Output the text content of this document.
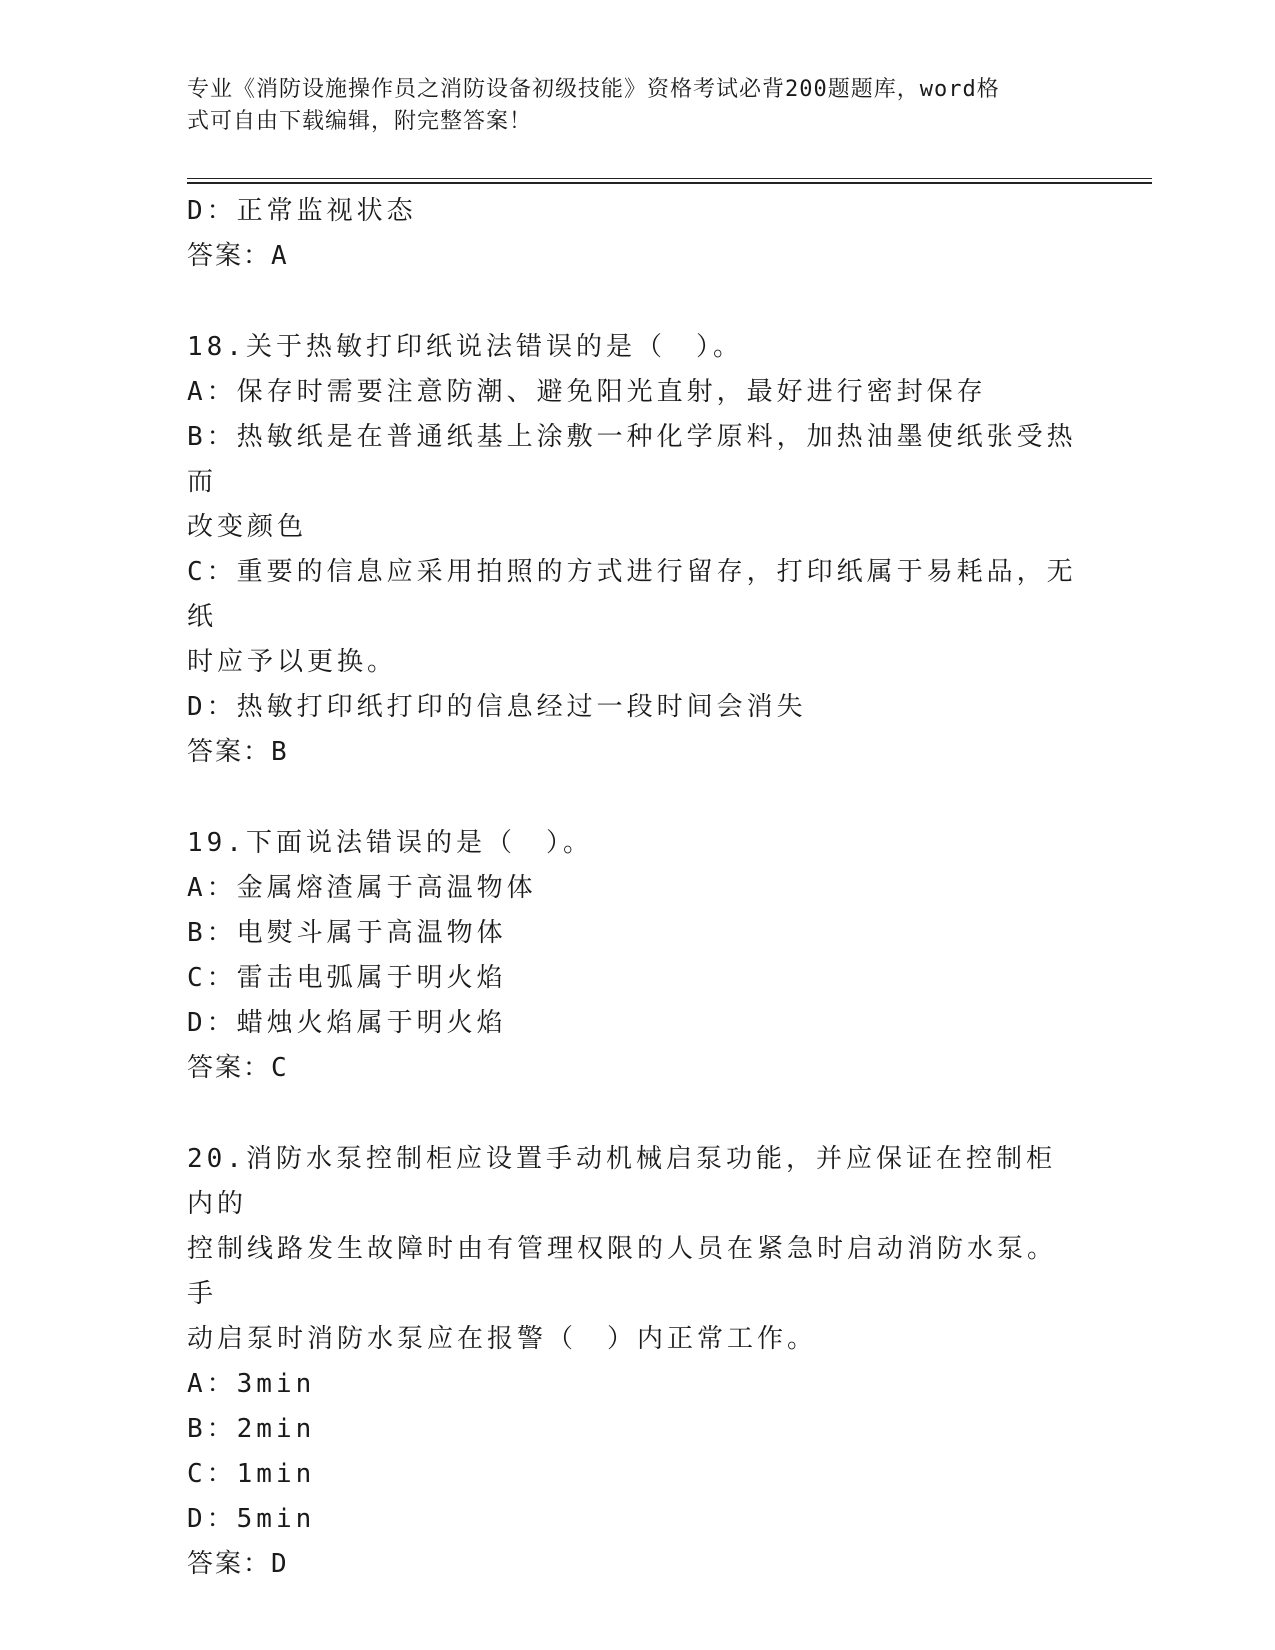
专业《消防设施操作员之消防设备初级技能》资格考试必背200题题库，word格
式可自由下载编辑，附完整答案！
D：正常监视状态
答案：A
18.关于热敏打印纸说法错误的是（　）。
A：保存时需要注意防潮、避免阳光直射，最好进行密封保存
B：热敏纸是在普通纸基上涂敷一种化学原料，加热油墨使纸张受热而
改变颜色
C：重要的信息应采用拍照的方式进行留存，打印纸属于易耗品，无纸
时应予以更换。
D：热敏打印纸打印的信息经过一段时间会消失
答案：B
19.下面说法错误的是（　）。
A：金属熔渣属于高温物体
B：电熨斗属于高温物体
C：雷击电弧属于明火焰
D：蜡烛火焰属于明火焰
答案：C
20.消防水泵控制柜应设置手动机械启泵功能，并应保证在控制柜内的
控制线路发生故障时由有管理权限的人员在紧急时启动消防水泵。手
动启泵时消防水泵应在报警（　）内正常工作。
A：3min
B：2min
C：1min
D：5min
答案：D
